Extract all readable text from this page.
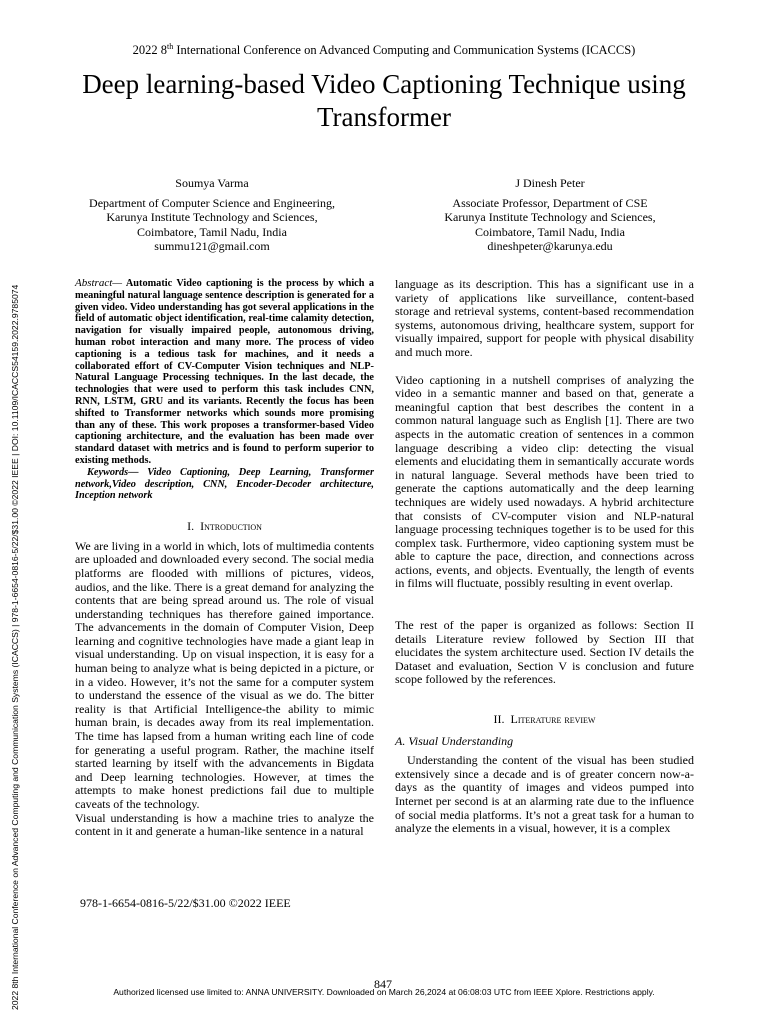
2022 8th International Conference on Advanced Computing and Communication Systems (ICACCS)
Deep learning-based Video Captioning Technique using Transformer
Soumya Varma
Department of Computer Science and Engineering,
Karunya Institute Technology and Sciences,
Coimbatore, Tamil Nadu, India
summu121@gmail.com
J Dinesh Peter
Associate Professor, Department of CSE
Karunya Institute Technology and Sciences,
Coimbatore, Tamil Nadu, India
dineshpeter@karunya.edu
2022 8th International Conference on Advanced Computing and Communication Systems (ICACCS) | 978-1-6654-0816-5/22/$31.00 ©2022 IEEE | DOI: 10.1109/ICACCS54159.2022.9785074

Abstract— Automatic Video captioning is the process by which a meaningful natural language sentence description is generated for a given video. Video understanding has got several applications in the field of automatic object identification, real-time calamity detection, navigation for visually impaired people, autonomous driving, human robot interaction and many more. The process of video captioning is a tedious task for machines, and it needs a collaborated effort of CV-Computer Vision techniques and NLP-Natural Language Processing techniques. In the last decade, the technologies that were used to perform this task includes CNN, RNN, LSTM, GRU and its variants. Recently the focus has been shifted to Transformer networks which sounds more promising than any of these. This work proposes a transformer-based Video captioning architecture, and the evaluation has been made over standard dataset with metrics and is found to perform superior to existing methods.

Keywords— Video Captioning, Deep Learning, Transformer network,Video description, CNN, Encoder-Decoder architecture, Inception network

I. Introduction

We are living in a world in which, lots of multimedia contents are uploaded and downloaded every second. The social media platforms are flooded with millions of pictures, videos, audios, and the like. There is a great demand for analyzing the contents that are being spread around us. The role of visual understanding techniques has therefore gained importance. The advancements in the domain of Computer Vision, Deep learning and cognitive technologies have made a giant leap in visual understanding. Up on visual inspection, it is easy for a human being to analyze what is being depicted in a picture, or in a video. However, it’s not the same for a computer system to understand the essence of the visual as we do. The bitter reality is that Artificial Intelligence-the ability to mimic human brain, is decades away from its real implementation. The time has lapsed from a human writing each line of code for generating a useful program. Rather, the machine itself started learning by itself with the advancements in Bigdata and Deep learning technologies. However, at times the attempts to make honest predictions fail due to multiple caveats of the technology.

Visual understanding is how a machine tries to analyze the content in it and generate a human-like sentence in a natural

language as its description. This has a significant use in a variety of applications like surveillance, content-based storage and retrieval systems, content-based recommendation systems, autonomous driving, healthcare system, support for visually impaired, support for people with physical disability and much more.

Video captioning in a nutshell comprises of analyzing the video in a semantic manner and based on that, generate a meaningful caption that best describes the content in a common natural language such as English [1]. There are two aspects in the automatic creation of sentences in a common language describing a video clip: detecting the visual elements and elucidating them in semantically accurate words in natural language. Several methods have been tried to generate the captions automatically and the deep learning techniques are widely used nowadays. A hybrid architecture that consists of CV-computer vision and NLP-natural language processing techniques together is to be used for this complex task. Furthermore, video captioning system must be able to capture the pace, direction, and connections across actions, events, and objects. Eventually, the length of events in films will fluctuate, possibly resulting in event overlap.

The rest of the paper is organized as follows: Section II details Literature review followed by Section III that elucidates the system architecture used. Section IV details the Dataset and evaluation, Section V is conclusion and future scope followed by the references.

II. Literature review
A. Visual Understanding

Understanding the content of the visual has been studied extensively since a decade and is of greater concern now-a-days as the quantity of images and videos pumped into Internet per second is at an alarming rate due to the influence of social media platforms. It’s not a great task for a human to analyze the elements in a visual, however, it is a complex

978-1-6654-0816-5/22/$31.00 ©2022 IEEE
847
Authorized licensed use limited to: ANNA UNIVERSITY. Downloaded on March 26,2024 at 06:08:03 UTC from IEEE Xplore. Restrictions apply.
